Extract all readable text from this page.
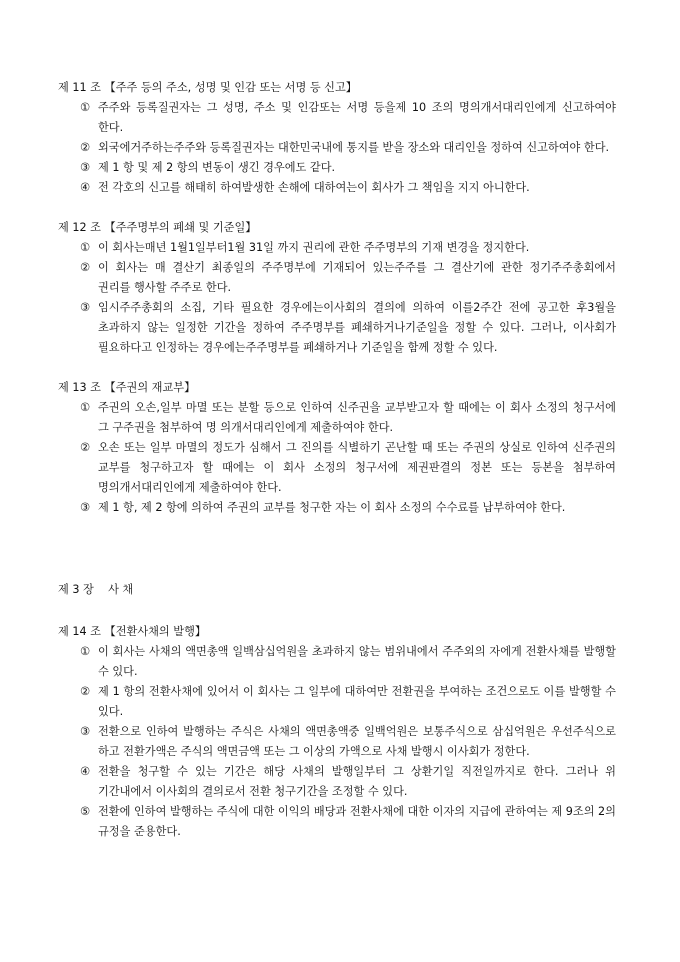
제 11 조 【주주 등의 주소, 성명 및 인감 또는 서명 등 신고】
① 주주와 등록질권자는 그 성명, 주소 및 인감또는 서명 등을제 10 조의 명의개서대리인에게 신고하여야 한다.
② 외국에거주하는주주와 등록질권자는 대한민국내에 통지를 받을 장소와 대리인을 정하여 신고하여야 한다.
③ 제 1 항 및 제 2 항의 변동이 생긴 경우에도 같다.
④ 전 각호의 신고를 해태히 하여발생한 손해에 대하여는이 회사가 그 책임을 지지 아니한다.
제 12 조 【주주명부의 폐쇄 및 기준일】
① 이 회사는매년 1월1일부터1월 31일 까지 권리에 관한 주주명부의 기재 변경을 정지한다.
② 이 회사는 매 결산기 최종일의 주주명부에 기재되어 있는주주를 그 결산기에 관한 정기주주총회에서 권리를 행사할 주주로 한다.
③ 임시주주총회의 소집, 기타 필요한 경우에는이사회의 결의에 의하여 이를2주간 전에 공고한 후3월을 초과하지 않는 일정한 기간을 정하여 주주명부를 폐쇄하거나기준일을 정할 수 있다. 그러나, 이사회가 필요하다고 인정하는 경우에는주주명부를 폐쇄하거나 기준일을 함께 정할 수 있다.
제 13 조 【주권의 재교부】
① 주권의 오손,일부 마멸 또는 분할 등으로 인하여 신주권을 교부받고자 할 때에는 이 회사 소정의 청구서에 그 구주권을 첨부하여 명 의개서대리인에게 제출하여야 한다.
② 오손 또는 일부 마멸의 정도가 심해서 그 진의를 식별하기 곤난할 때 또는 주권의 상실로 인하여 신주권의 교부를 청구하고자 할 때에는 이 회사 소정의 청구서에 제권판결의 정본 또는 등본을 첨부하여 명의개서대리인에게 제출하여야 한다.
③ 제 1 항, 제 2 항에 의하여 주권의 교부를 청구한 자는 이 회사 소정의 수수료를 납부하여야 한다.
제 3 장    사 채
제 14 조 【전환사채의 발행】
① 이 회사는 사채의 액면총액 일백삼십억원을 초과하지 않는 범위내에서 주주외의 자에게 전환사채를 발행할 수 있다.
② 제 1 항의 전환사채에 있어서 이 회사는 그 일부에 대하여만 전환권을 부여하는 조건으로도 이를 발행할 수 있다.
③ 전환으로 인하여 발행하는 주식은 사채의 액면총액중 일백억원은 보통주식으로 삼십억원은 우선주식으로 하고 전환가액은 주식의 액면금액 또는 그 이상의 가액으로 사채 발행시 이사회가 정한다.
④ 전환을 청구할 수 있는 기간은 해당 사채의 발행일부터 그 상환기일 직전일까지로 한다. 그러나 위 기간내에서 이사회의 결의로서 전환 청구기간을 조정할 수 있다.
⑤ 전환에 인하여 발행하는 주식에 대한 이익의 배당과 전환사채에 대한 이자의 지급에 관하여는 제 9조의 2의 규정을 준용한다.
